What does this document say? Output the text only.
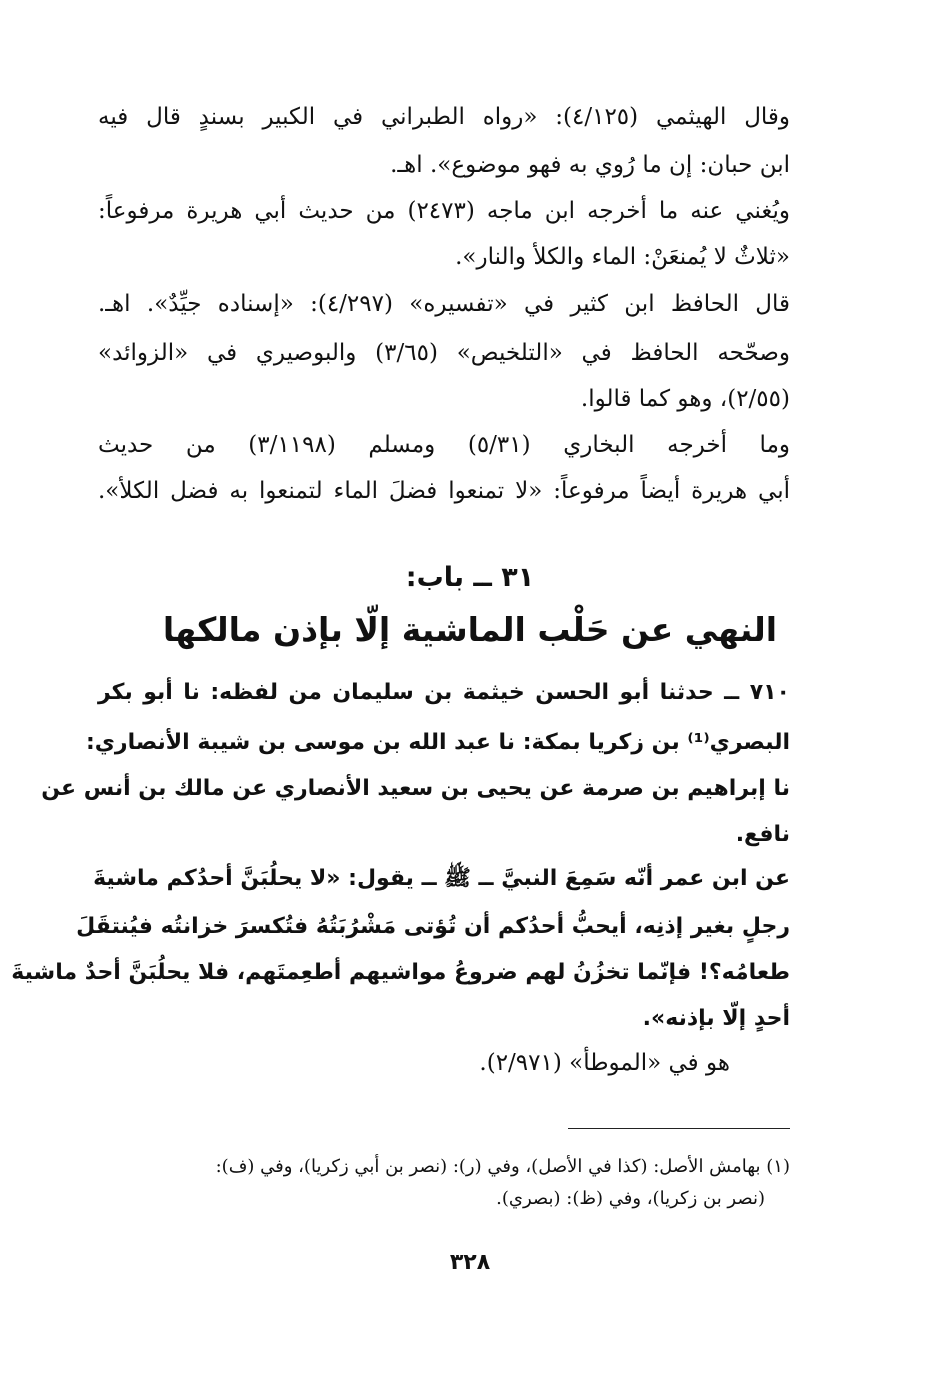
وقال الهيثمي (٤/١٢٥): «رواه الطبراني في الكبير بسندٍ قال فيه
ابن حبان: إن ما رُوي به فهو موضوع». اهـ.
ويُغني عنه ما أخرجه ابن ماجه (٢٤٧٣) من حديث أبي هريرة مرفوعاً:
«ثلاثٌ لا يُمنعَنْ: الماء والكلأ والنار».
قال الحافظ ابن كثير في «تفسيره» (٤/٢٩٧): «إسناده جيِّدٌ». اهـ.
وصحّحه الحافظ في «التلخيص» (٣/٦٥) والبوصيري في «الزوائد»
(٢/٥٥)، وهو كما قالوا.
وما أخرجه البخاري (٥/٣١) ومسلم (٣/١١٩٨) من حديث
أبي هريرة أيضاً مرفوعاً: «لا تمنعوا فضلَ الماء لتمنعوا به فضل الكلأ».
٣١ ــ باب:
النهي عن حَلْب الماشية إلّا بإذن مالكها
٧١٠ ــ حدثنا أبو الحسن خيثمة بن سليمان من لفظه: نا أبو بكر
البصري⁽¹⁾ بن زكريا بمكة: نا عبد الله بن موسى بن شيبة الأنصاري:
نا إبراهيم بن صرمة عن يحيى بن سعيد الأنصاري عن مالك بن أنس عن
نافع.
عن ابن عمر أنّه سَمِعَ النبيَّ ــ ﷺ ــ يقول: «لا يحلُبَنَّ أحدُكم ماشيةَ
رجلٍ بغير إذنِه، أيحبُّ أحدُكم أن تُؤتى مَشْرُبَتُهُ فتُكسرَ خزانتُه فيُنتقَلَ
طعامُه؟! فإنّما تخزُنُ لهم ضروعُ مواشيهم أطعِمتَهم، فلا يحلُبَنَّ أحدٌ ماشيةَ
أحدٍ إلّا بإذنه».
هو في «الموطأ» (٢/٩٧١).
(١) بهامش الأصل: (كذا في الأصل)، وفي (ر): (نصر بن أبي زكريا)، وفي (ف):
(نصر بن زكريا)، وفي (ظ): (بصري).
٣٢٨
